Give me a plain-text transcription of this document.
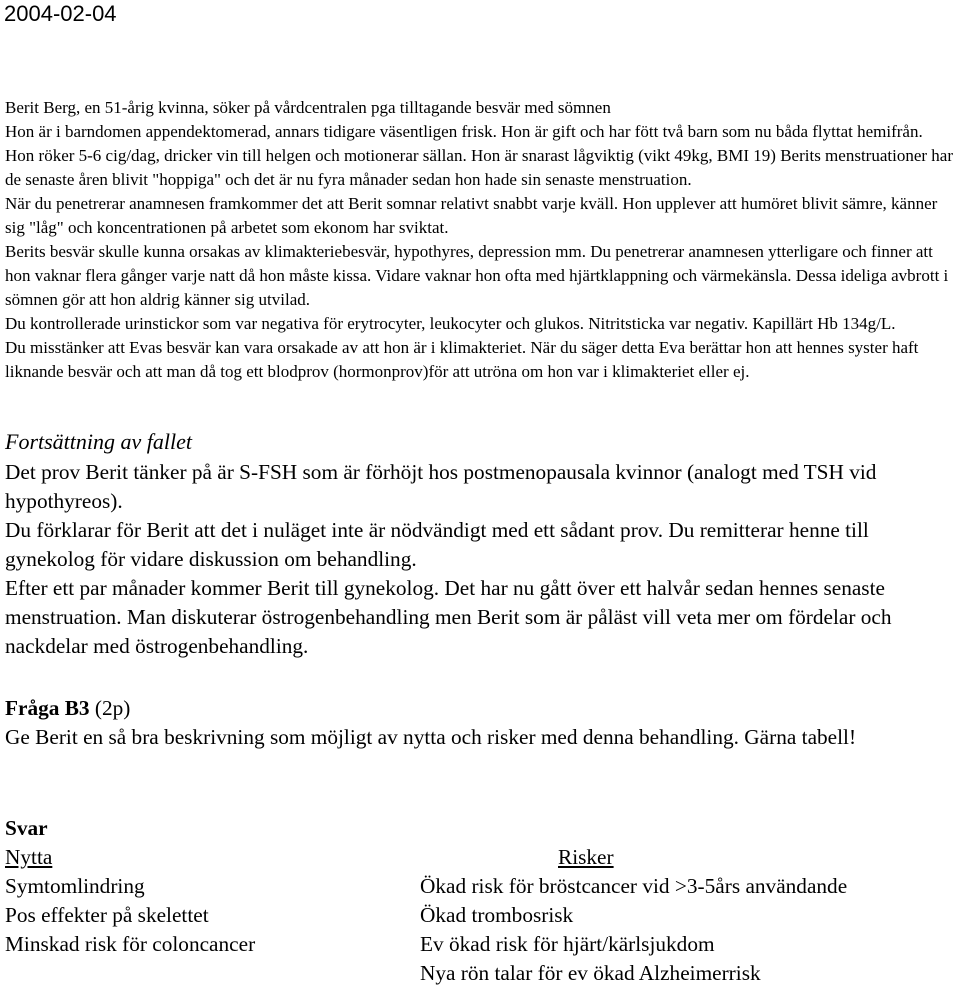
2004-02-04

Berit Berg, en 51-årig kvinna, söker på vårdcentralen pga tilltagande besvär med sömnen

Hon är i barndomen appendektomerad, annars tidigare väsentligen frisk. Hon är gift och har fött två barn som nu båda flyttat hemifrån. Hon röker 5-6 cig/dag, dricker vin till helgen och motionerar sällan. Hon är snarast lågviktig (vikt 49kg, BMI 19) Berits menstruationer har de senaste åren blivit "hoppiga" och det är nu fyra månader sedan hon hade sin senaste menstruation.

När du penetrerar anamnesen framkommer det att Berit somnar relativt snabbt varje kväll. Hon upplever att humöret blivit sämre, känner sig "låg" och koncentrationen på arbetet som ekonom har sviktat.

Berits besvär skulle kunna orsakas av klimakteriebesvär, hypothyres, depression mm. Du penetrerar anamnesen ytterligare och finner att hon vaknar flera gånger varje natt då hon måste kissa. Vidare vaknar hon ofta med hjärtklappning och värmekänsla. Dessa ideliga avbrott i sömnen gör att hon aldrig känner sig utvilad.

Du kontrollerade urinstickor som var negativa för erytrocyter, leukocyter och glukos. Nitritsticka var negativ. Kapillärt Hb 134g/L.

Du misstänker att Evas besvär kan vara orsakade av att hon är i klimakteriet. När du säger detta Eva berättar hon att hennes syster haft liknande besvär och att man då tog ett blodprov (hormonprov)för att utröna om hon var i klimakteriet eller ej.

Fortsättning av fallet

Det prov Berit tänker på är S-FSH som är förhöjt hos postmenopausala kvinnor (analogt med TSH vid hypothyreos).

Du förklarar för Berit att det i nuläget inte är nödvändigt med ett sådant prov. Du remitterar henne till gynekolog för vidare diskussion om behandling.

Efter ett par månader kommer Berit till gynekolog. Det har nu gått över ett halvår sedan hennes senaste menstruation. Man diskuterar östrogenbehandling men Berit som är påläst vill veta mer om fördelar och nackdelar med östrogenbehandling.

Fråga B3 (2p)

Ge Berit en så bra beskrivning som möjligt av nytta och risker med denna behandling. Gärna tabell!

Svar
Nytta
Symtomlindring
Pos effekter på skelettet
Minskad risk för coloncancer
Risker
Ökad risk för bröstcancer vid >3-5års användande
Ökad trombosrisk
Ev ökad risk för hjärt/kärlsjukdom
Nya rön talar för ev ökad Alzheimerrisk
